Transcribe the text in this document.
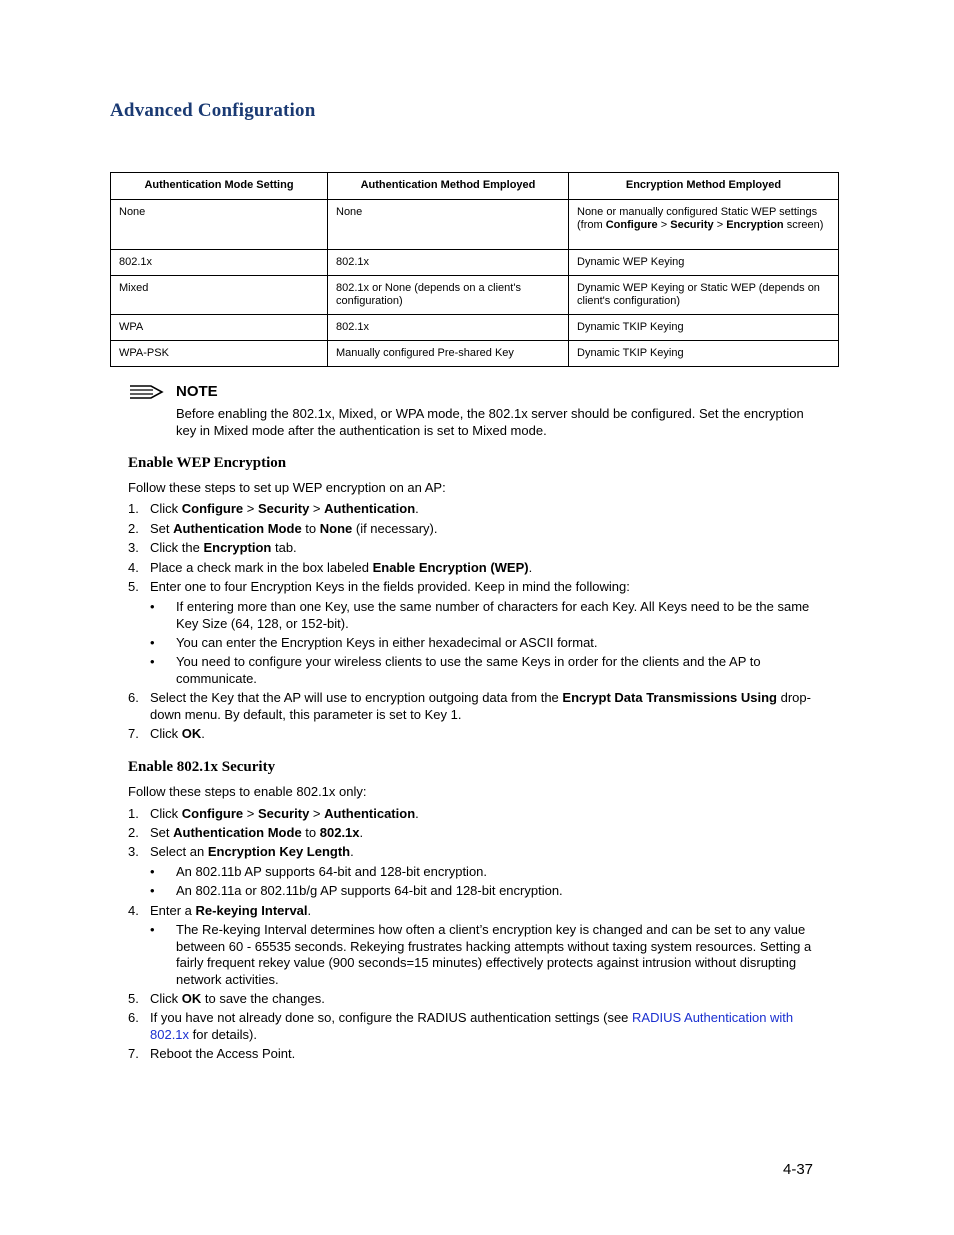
Advanced Configuration
Authentication Mode Setting	Authentication Method Employed	Encryption Method Employed
None	None	None or manually configured Static WEP settings (from Configure > Security > Encryption screen)
802.1x	802.1x	Dynamic WEP Keying
Mixed	802.1x or None (depends on a client's configuration)	Dynamic WEP Keying or Static WEP (depends on client's configuration)
WPA	802.1x	Dynamic TKIP Keying
WPA-PSK	Manually configured Pre-shared Key	Dynamic TKIP Keying
NOTE
Before enabling the 802.1x, Mixed, or WPA mode, the 802.1x server should be configured. Set the encryption key in Mixed mode after the authentication is set to Mixed mode.
Enable WEP Encryption
Follow these steps to set up WEP encryption on an AP:
1. Click Configure > Security > Authentication.
2. Set Authentication Mode to None (if necessary).
3. Click the Encryption tab.
4. Place a check mark in the box labeled Enable Encryption (WEP).
5. Enter one to four Encryption Keys in the fields provided. Keep in mind the following:
• If entering more than one Key, use the same number of characters for each Key. All Keys need to be the same Key Size (64, 128, or 152-bit).
• You can enter the Encryption Keys in either hexadecimal or ASCII format.
• You need to configure your wireless clients to use the same Keys in order for the clients and the AP to communicate.
6. Select the Key that the AP will use to encryption outgoing data from the Encrypt Data Transmissions Using drop-down menu. By default, this parameter is set to Key 1.
7. Click OK.
Enable 802.1x Security
Follow these steps to enable 802.1x only:
1. Click Configure > Security > Authentication.
2. Set Authentication Mode to 802.1x.
3. Select an Encryption Key Length.
• An 802.11b AP supports 64-bit and 128-bit encryption.
• An 802.11a or 802.11b/g AP supports 64-bit and 128-bit encryption.
4. Enter a Re-keying Interval.
• The Re-keying Interval determines how often a client’s encryption key is changed and can be set to any value between 60 - 65535 seconds. Rekeying frustrates hacking attempts without taxing system resources. Setting a fairly frequent rekey value (900 seconds=15 minutes) effectively protects against intrusion without disrupting network activities.
5. Click OK to save the changes.
6. If you have not already done so, configure the RADIUS authentication settings (see RADIUS Authentication with 802.1x for details).
7. Reboot the Access Point.
4-37
